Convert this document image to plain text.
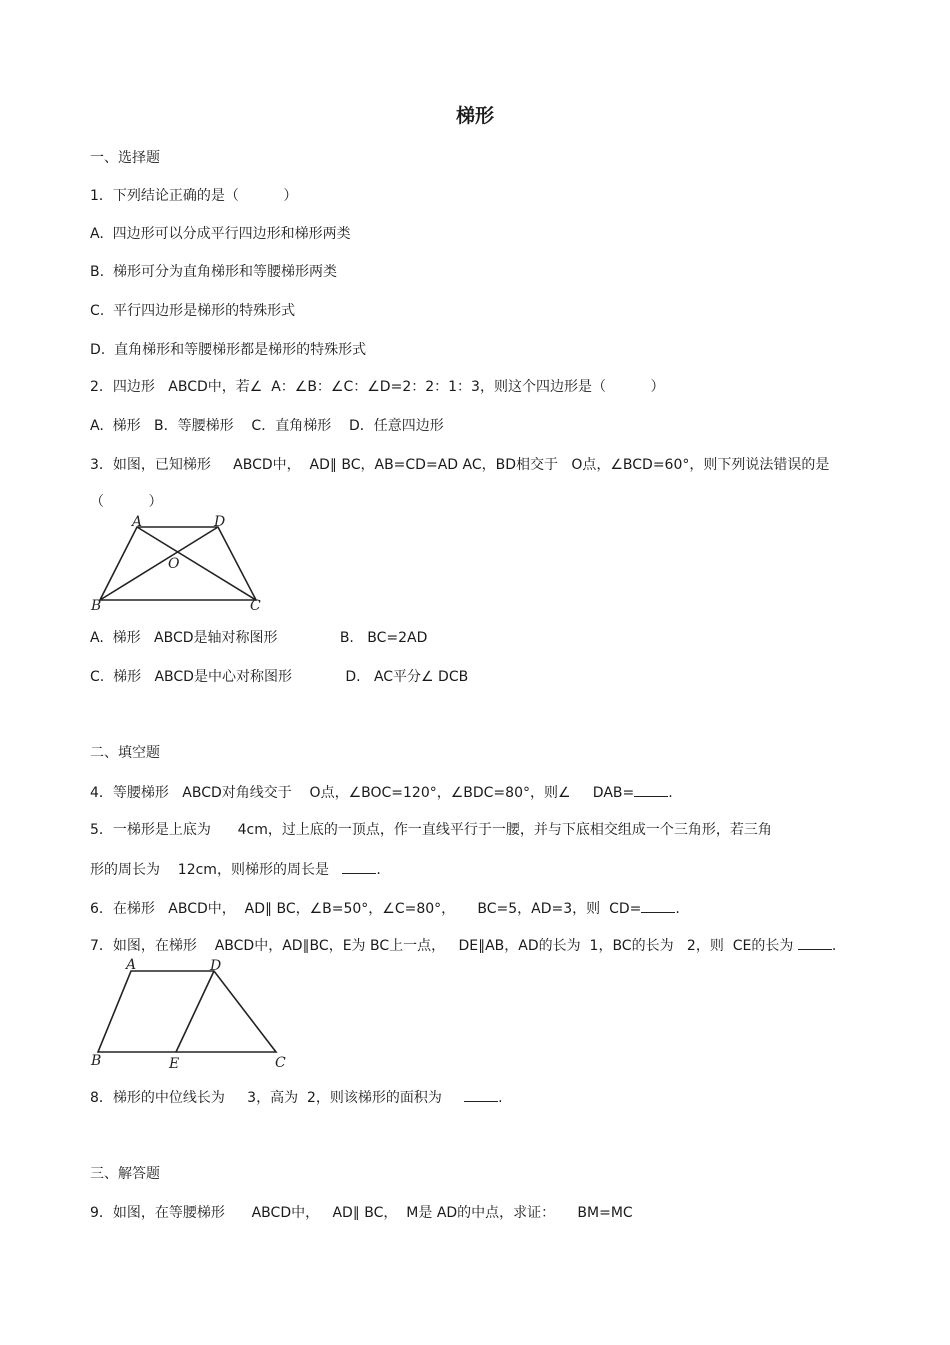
梯形

一、选择题

1．下列结论正确的是（          ）

A.  四边形可以分成平行四边形和梯形两类

B.  梯形可分为直角梯形和等腰梯形两类

C.  平行四边形是梯形的特殊形式

D.  直角梯形和等腰梯形都是梯形的特殊形式

2．四边形   ABCD中，若∠  A：∠B：∠C：∠D=2：2：1：3，则这个四边形是（          ）

A.  梯形   B．等腰梯形    C．直角梯形    D．任意四边形

3．如图，已知梯形     ABCD中，  AD∥ BC，AB=CD=AD AC，BD相交于   O点，∠BCD=60°，则下列说法错误的是

（          ）

A	D
O
B	C

A.  梯形   ABCD是轴对称图形              B.   BC=2AD

C.  梯形   ABCD是中心对称图形            D.   AC平分∠ DCB

二、填空题

4．等腰梯形   ABCD对角线交于    O点，∠BOC=120°，∠BDC=80°，则∠     DAB= .

5．一梯形是上底为      4cm，过上底的一顶点，作一直线平行于一腰，并与下底相交组成一个三角形，若三角

形的周长为    12cm，则梯形的周长是   .

6．在梯形   ABCD中，  AD∥ BC，∠B=50°，∠C=80°，     BC=5，AD=3，则  CD= .

7．如图，在梯形    ABCD中，AD∥BC，E为 BC上一点，   DE∥AB，AD的长为  1，BC的长为   2，则  CE的长为 .

A	D
B	E	C

8．梯形的中位线长为     3，高为  2，则该梯形的面积为     .

三、解答题

9．如图，在等腰梯形      ABCD中，   AD∥ BC，  M是 AD的中点，求证：     BM=MC
